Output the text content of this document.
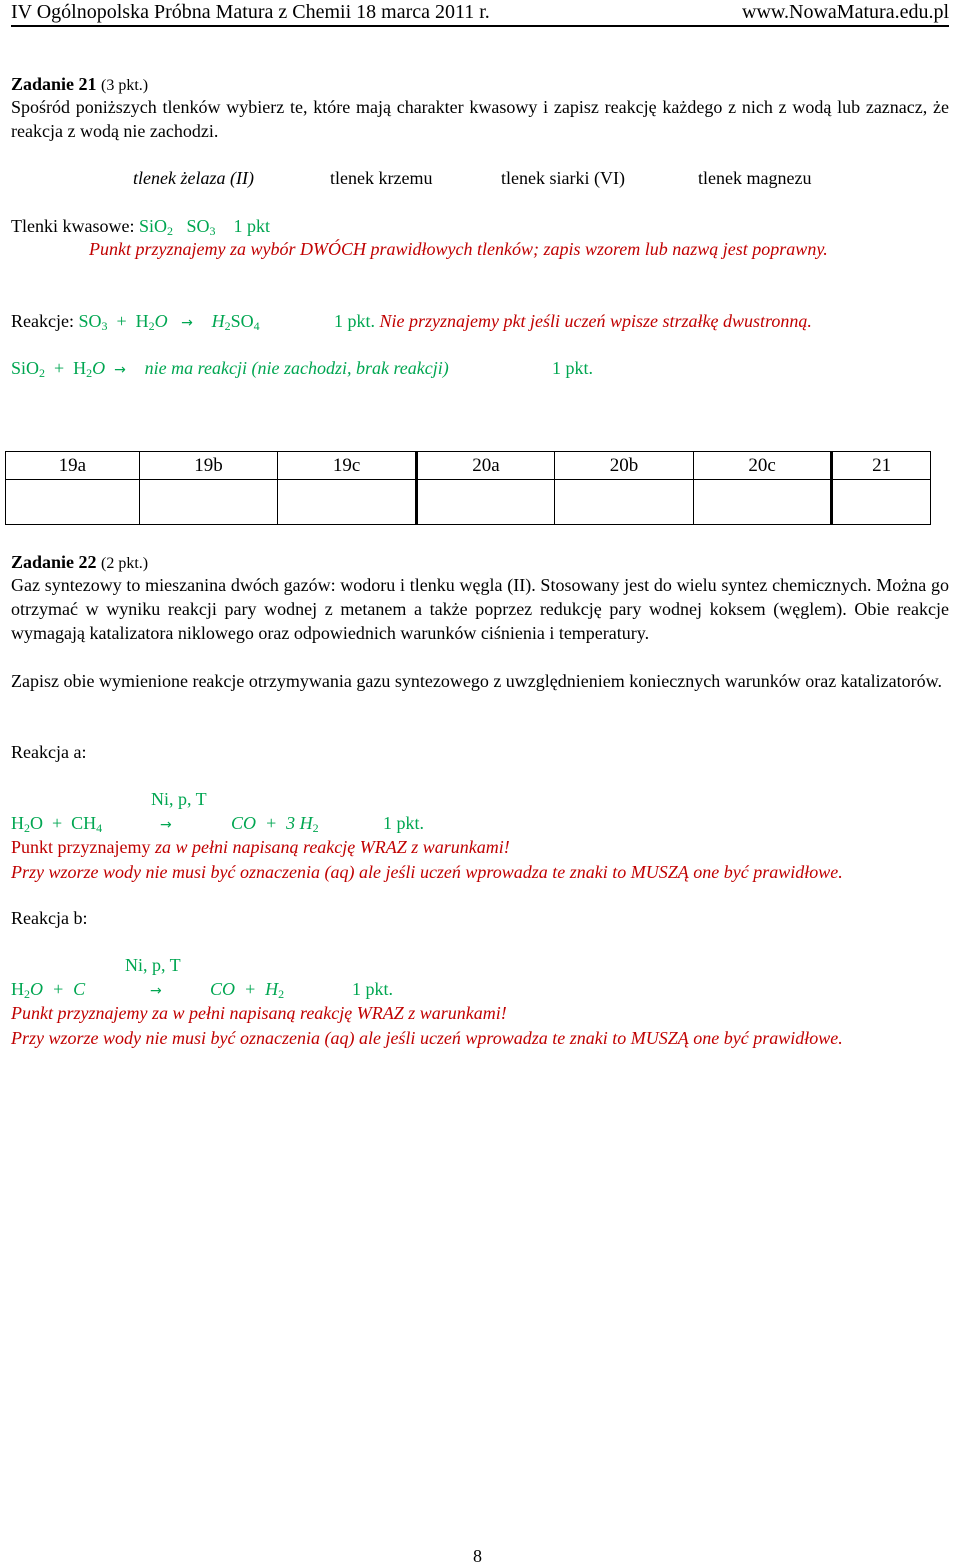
IV Ogólnopolska Próbna Matura z Chemii 18 marca 2011 r.	www.NowaMatura.edu.pl
Zadanie 21 (3 pkt.)
Spośród poniższych tlenków wybierz te, które mają charakter kwasowy i zapisz reakcję każdego z nich z wodą lub zaznacz, że reakcja z wodą nie zachodzi.
tlenek żelaza (II)	tlenek krzemu	tlenek siarki (VI)	tlenek magnezu
Tlenki kwasowe: SiO$_2$ $SO_3$ 1 pkt
Punkt przyznajemy za wybór DWÓCH prawidłowych tlenków; zapis wzorem lub nazwą jest poprawny.
Reakcje: $SO_3 + H_2O \to H_2SO_4$	1 pkt. Nie przyznajemy pkt jeśli uczeń wpisze strzałkę dwustronną.
$SiO_2 + H_2O$ → nie ma reakcji (nie zachodzi, brak reakcji)	1 pkt.
19a	19b	19c	20a	20b	20c	21

Zadanie 22 (2 pkt.)
Gaz syntezowy to mieszanina dwóch gazów: wodoru i tlenku węgla (II). Stosowany jest do wielu syntez chemicznych. Można go otrzymać w wyniku reakcji pary wodnej z metanem a także poprzez redukcję pary wodnej koksem (węglem). Obie reakcje wymagają katalizatora niklowego oraz odpowiednich warunków ciśnienia i temperatury.
Zapisz obie wymienione reakcje otrzymywania gazu syntezowego z uwzględnieniem koniecznych warunków oraz katalizatorów.
Reakcja a:
Ni, p, T
$H_2O + CH_4$	→	CO + 3 $H_2$	1 pkt.
Punkt przyznajemy za w pełni napisaną reakcję WRAZ z warunkami!
Przy wzorze wody nie musi być oznaczenia (aq) ale jeśli uczeń wprowadza te znaki to MUSZĄ one być prawidłowe.
Reakcja b:
Ni, p, T
$H_2O + C$	→	CO + $H_2$	1 pkt.
Punkt przyznajemy za w pełni napisaną reakcję WRAZ z warunkami!
Przy wzorze wody nie musi być oznaczenia (aq) ale jeśli uczeń wprowadza te znaki to MUSZĄ one być prawidłowe.
8
